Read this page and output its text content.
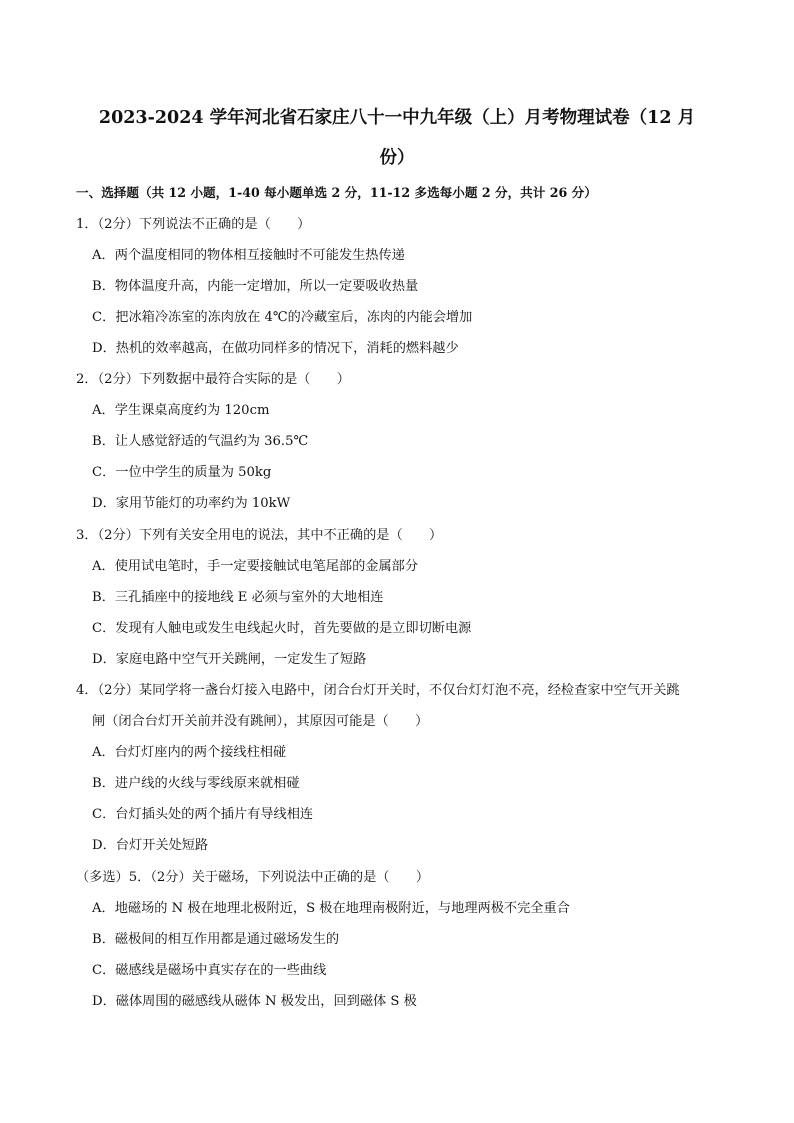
2023-2024 学年河北省石家庄八十一中九年级（上）月考物理试卷（12 月
份）
一、选择题（共 12 小题，1-40 每小题单选 2 分，11-12 多选每小题 2 分，共计 26 分）
1．（2分）下列说法不正确的是（　　）
A．两个温度相同的物体相互接触时不可能发生热传递
B．物体温度升高，内能一定增加，所以一定要吸收热量
C．把冰箱冷冻室的冻肉放在 4℃的冷藏室后，冻肉的内能会增加
D．热机的效率越高，在做功同样多的情况下，消耗的燃料越少
2．（2分）下列数据中最符合实际的是（　　）
A．学生课桌高度约为 120cm
B．让人感觉舒适的气温约为 36.5℃
C．一位中学生的质量为 50kg
D．家用节能灯的功率约为 10kW
3．（2分）下列有关安全用电的说法，其中不正确的是（　　）
A．使用试电笔时，手一定要接触试电笔尾部的金属部分
B．三孔插座中的接地线 E 必须与室外的大地相连
C．发现有人触电或发生电线起火时，首先要做的是立即切断电源
D．家庭电路中空气开关跳闸，一定发生了短路
4．（2分）某同学将一盏台灯接入电路中，闭合台灯开关时，不仅台灯灯泡不亮，经检查家中空气开关跳
闸（闭合台灯开关前并没有跳闸），其原因可能是（　　）
A．台灯灯座内的两个接线柱相碰
B．进户线的火线与零线原来就相碰
C．台灯插头处的两个插片有导线相连
D．台灯开关处短路
（多选）5．（2分）关于磁场，下列说法中正确的是（　　）
A．地磁场的 N 极在地理北极附近，S 极在地理南极附近，与地理两极不完全重合
B．磁极间的相互作用都是通过磁场发生的
C．磁感线是磁场中真实存在的一些曲线
D．磁体周围的磁感线从磁体 N 极发出，回到磁体 S 极
